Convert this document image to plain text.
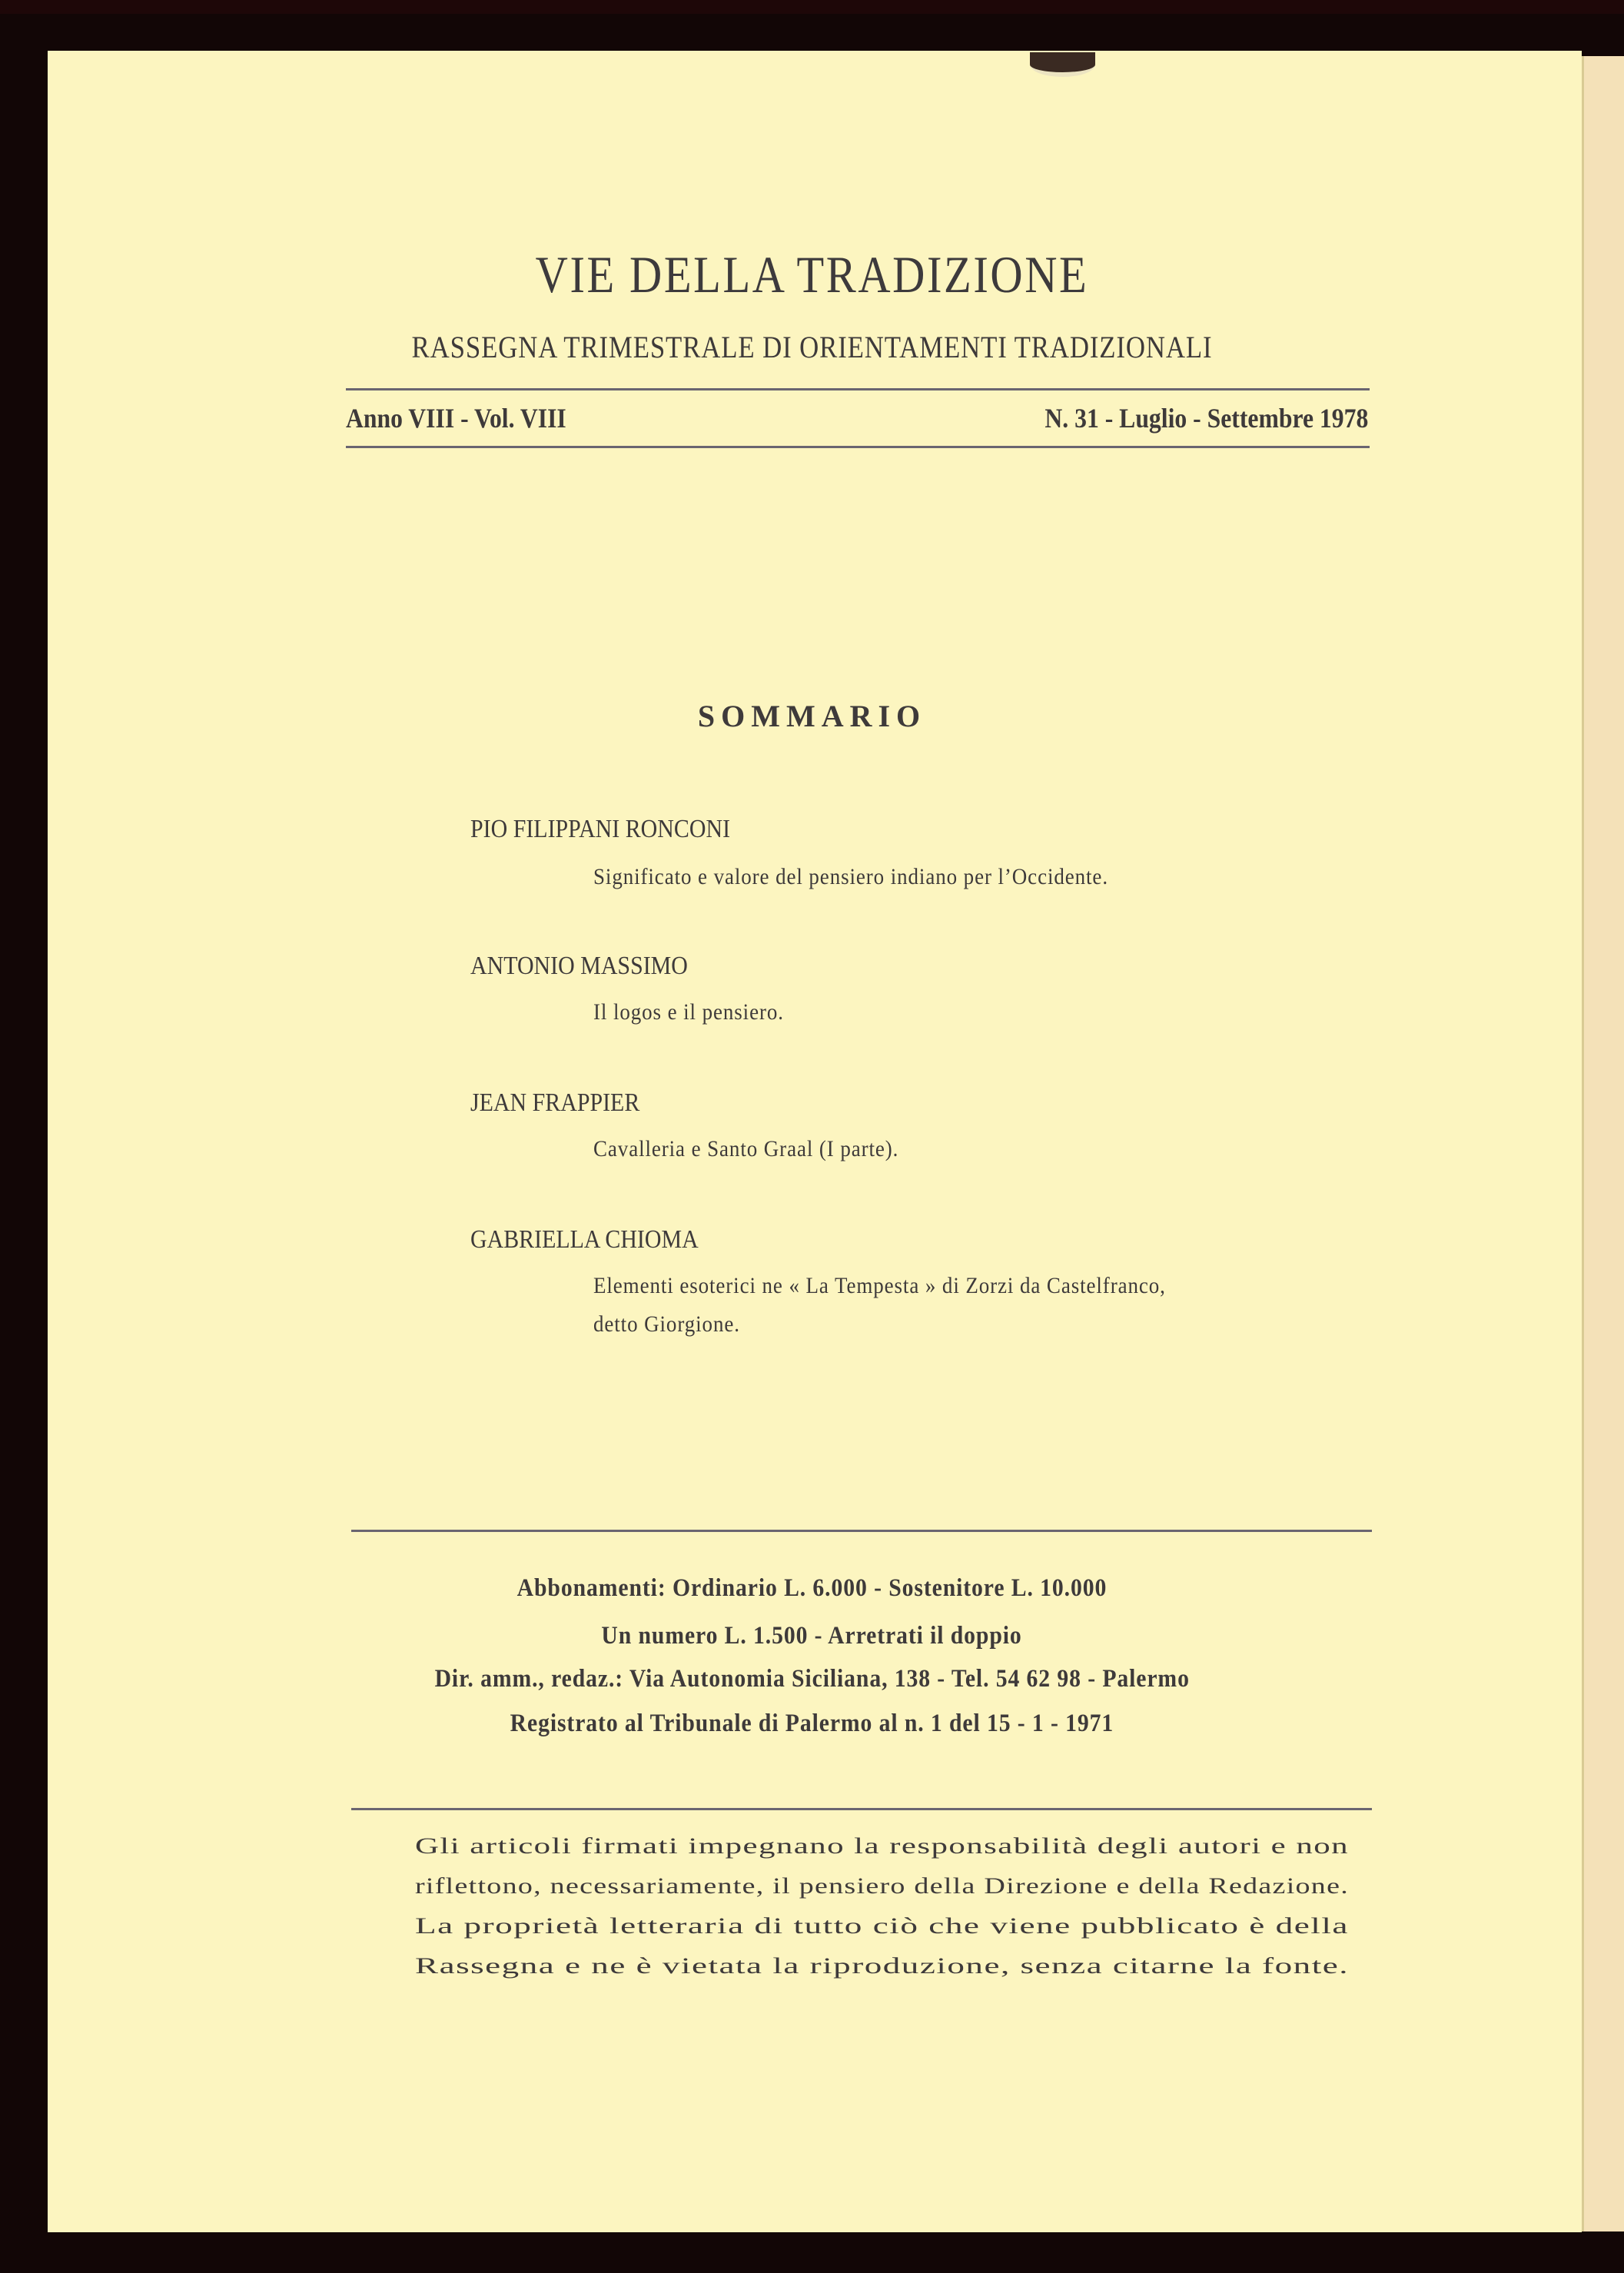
VIE DELLA TRADIZIONE
RASSEGNA TRIMESTRALE DI ORIENTAMENTI TRADIZIONALI
Anno VIII - Vol. VIII	N. 31 - Luglio - Settembre 1978
SOMMARIO
PIO FILIPPANI RONCONI
Significato e valore del pensiero indiano per l’Occidente.
ANTONIO MASSIMO
Il logos e il pensiero.
JEAN FRAPPIER
Cavalleria e Santo Graal (I parte).
GABRIELLA CHIOMA
Elementi esoterici ne « La Tempesta » di Zorzi da Castelfranco,
detto Giorgione.
Abbonamenti: Ordinario L. 6.000 - Sostenitore L. 10.000
Un numero L. 1.500 - Arretrati il doppio
Dir. amm., redaz.: Via Autonomia Siciliana, 138 - Tel. 54 62 98 - Palermo
Registrato al Tribunale di Palermo al n. 1 del 15 - 1 - 1971
Gli articoli firmati impegnano la responsabilità degli autori e non
riflettono, necessariamente, il pensiero della Direzione e della Redazione.
La proprietà letteraria di tutto ciò che viene pubblicato è della
Rassegna e ne è vietata la riproduzione, senza citarne la fonte.
